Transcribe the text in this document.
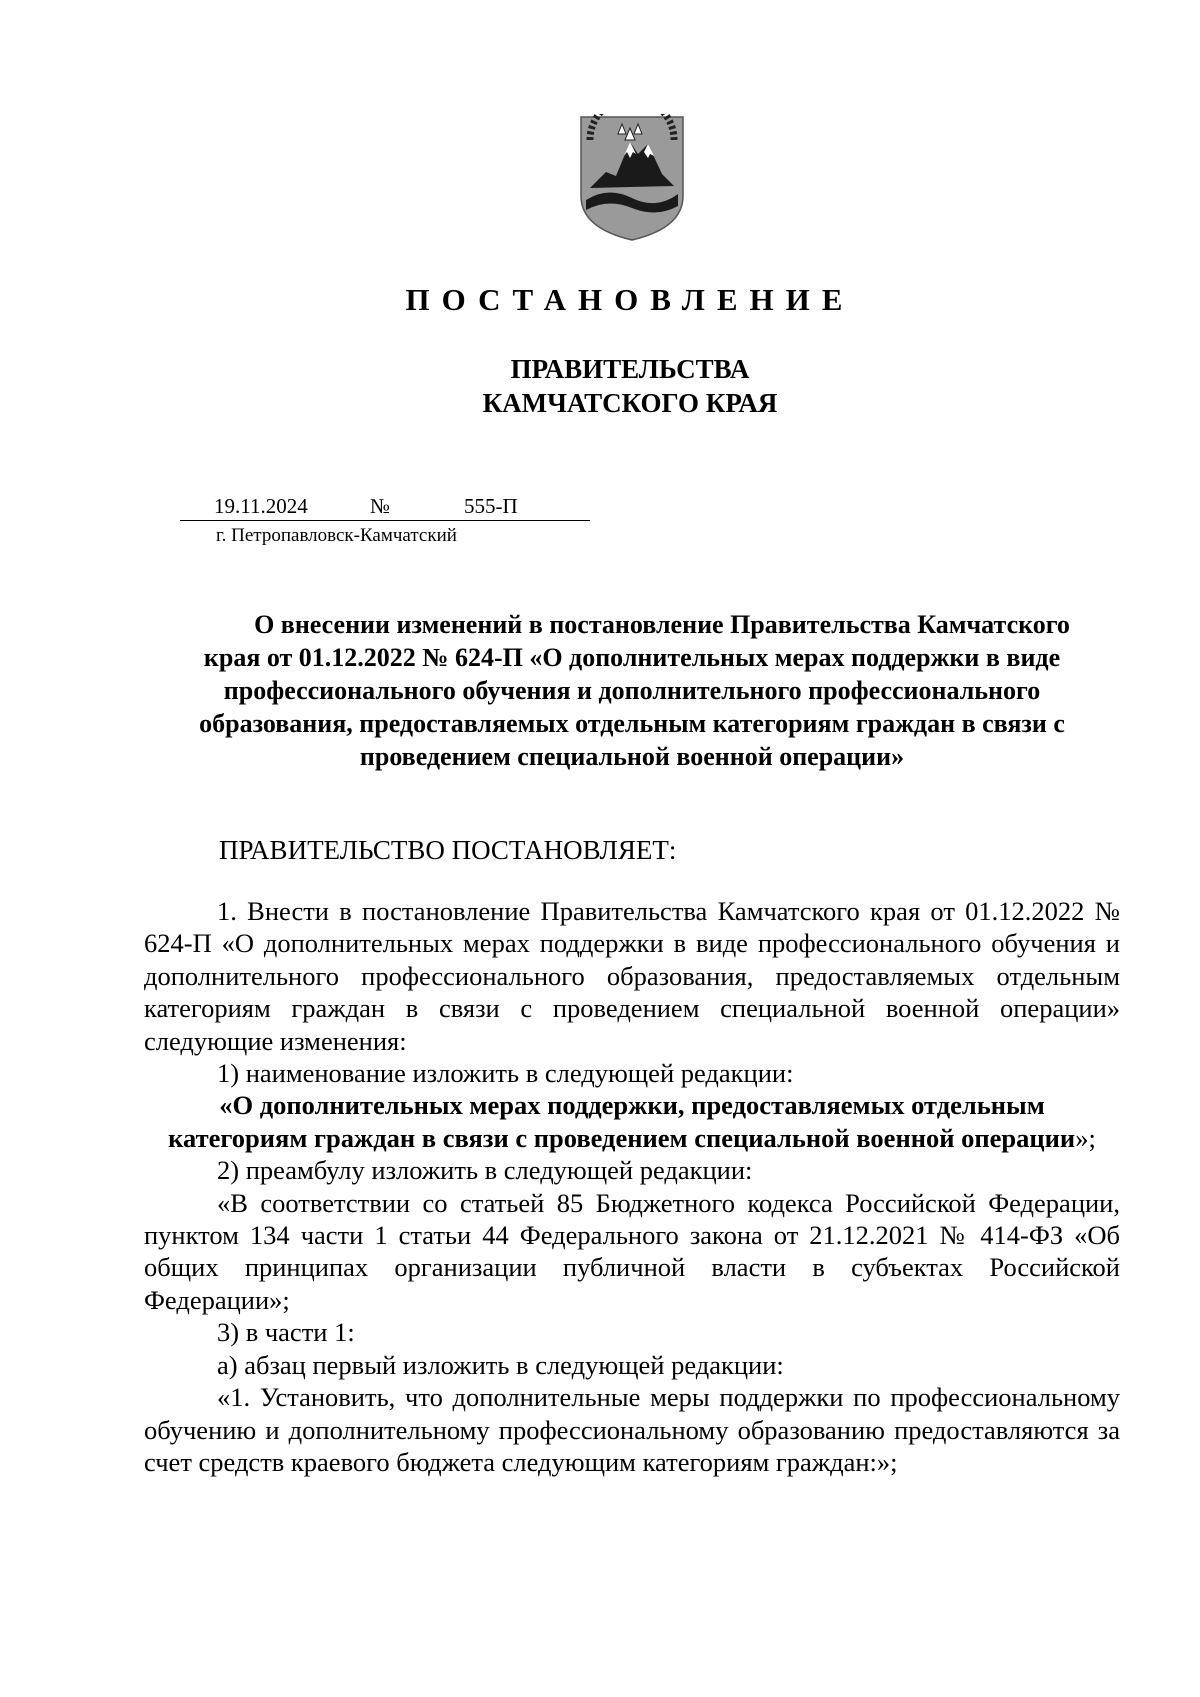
ПОСТАНОВЛЕНИЕ
ПРАВИТЕЛЬСТВА
КАМЧАТСКОГО КРАЯ
19.11.2024	№	555-П
г. Петропавловск-Камчатский
О внесении изменений в постановление Правительства Камчатского
края от 01.12.2022 № 624-П «О дополнительных мерах поддержки в виде профессионального обучения и дополнительного профессионального образования, предоставляемых отдельным категориям граждан в связи с проведением специальной военной операции»
ПРАВИТЕЛЬСТВО ПОСТАНОВЛЯЕТ:

1. Внести в постановление Правительства Камчатского края от 01.12.2022 № 624-П «О дополнительных мерах поддержки в виде профессионального обучения и дополнительного профессионального образования, предоставляемых отдельным категориям граждан в связи с проведением специальной военной операции» следующие изменения:

1) наименование изложить в следующей редакции:

«О дополнительных мерах поддержки, предоставляемых отдельным категориям граждан в связи с проведением специальной военной операции»;

2) преамбулу изложить в следующей редакции:

«В соответствии со статьей 85 Бюджетного кодекса Российской Федерации, пунктом 134 части 1 статьи 44 Федерального закона от 21.12.2021 № 414-ФЗ «Об общих принципах организации публичной власти в субъектах Российской Федерации»;

3) в части 1:

а) абзац первый изложить в следующей редакции:

«1. Установить, что дополнительные меры поддержки по профессиональному обучению и дополнительному профессиональному образованию предоставляются за счет средств краевого бюджета следующим категориям граждан:»;
